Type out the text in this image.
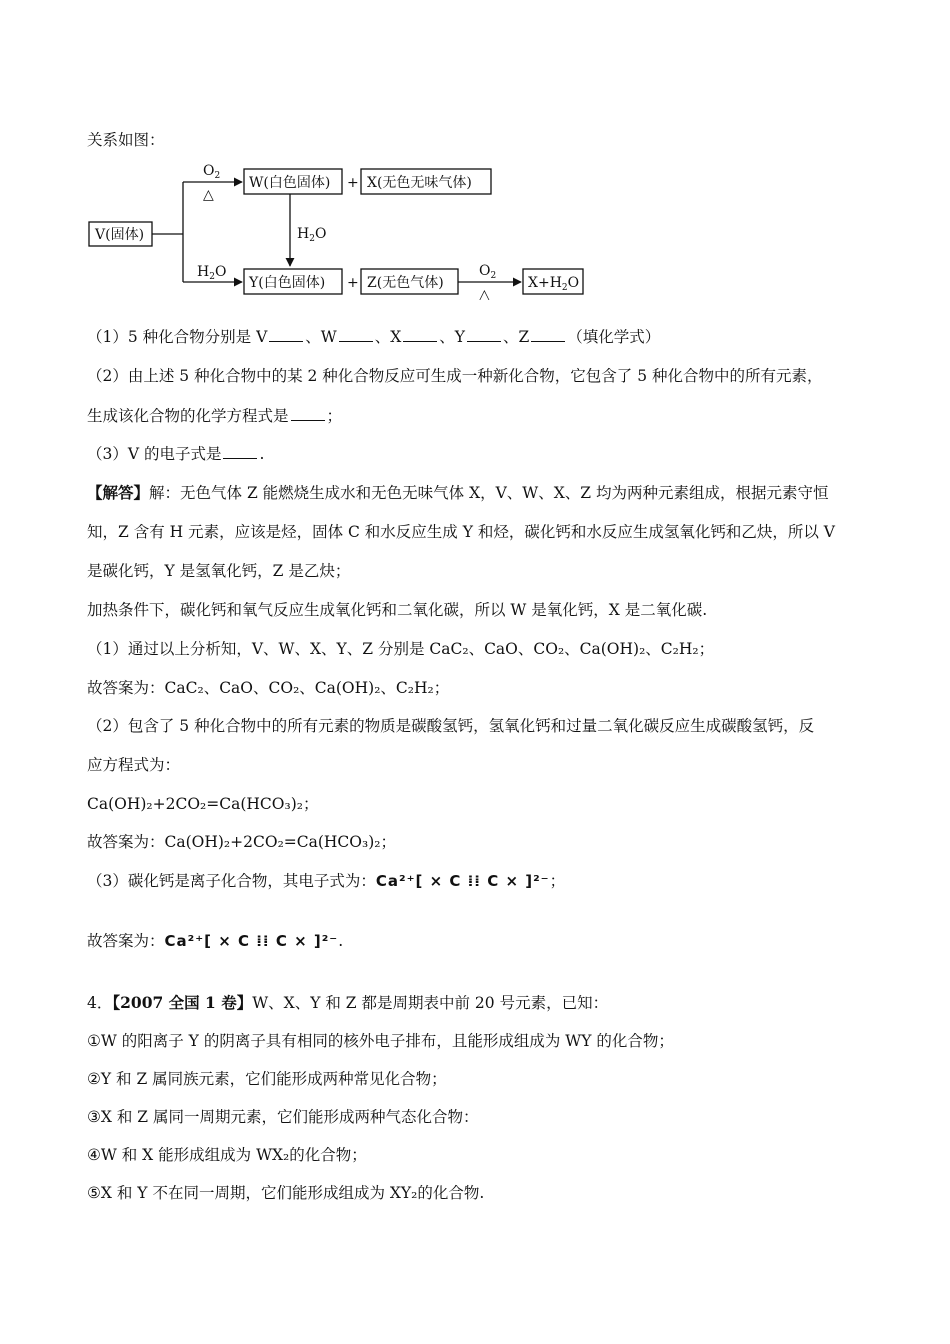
关系如图：
V(固体)
$O_2$
△
$H_2O$
W(白色固体) + X(无色无味气体)
$H_2O$
Y(白色固体) + Z(无色气体)
$O_2$
△
$X+H_2O$
（1）5 种化合物分别是 V 、W 、X 、Y 、Z （填化学式）
（2）由上述 5 种化合物中的某 2 种化合物反应可生成一种新化合物，它包含了 5 种化合物中的所有元素，
生成该化合物的化学方程式是 ；
（3）V 的电子式是 .
【解答】解：无色气体 Z 能燃烧生成水和无色无味气体 X，V、W、X、Z 均为两种元素组成，根据元素守恒
知，Z 含有 H 元素，应该是烃，固体 C 和水反应生成 Y 和烃，碳化钙和水反应生成氢氧化钙和乙炔，所以 V
是碳化钙，Y 是氢氧化钙，Z 是乙炔；
加热条件下，碳化钙和氧气反应生成氧化钙和二氧化碳，所以 W 是氧化钙，X 是二氧化碳.
（1）通过以上分析知，V、W、X、Y、Z 分别是 CaC₂、CaO、CO₂、Ca(OH)₂、C₂H₂；
故答案为：CaC₂、CaO、CO₂、Ca(OH)₂、C₂H₂；
（2）包含了 5 种化合物中的所有元素的物质是碳酸氢钙，氢氧化钙和过量二氧化碳反应生成碳酸氢钙，反
应方程式为：
Ca(OH)₂+2CO₂=Ca(HCO₃)₂；
故答案为：Ca(OH)₂+2CO₂=Ca(HCO₃)₂；
（3）碳化钙是离子化合物，其电子式为：Ca²⁺[ × C ⁞⁞ C × ]²⁻；
故答案为：Ca²⁺[ × C ⁞⁞ C × ]²⁻.
4．【2007 全国 1 卷】W、X、Y 和 Z 都是周期表中前 20 号元素，已知：
①W 的阳离子 Y 的阴离子具有相同的核外电子排布，且能形成组成为 WY 的化合物；
②Y 和 Z 属同族元素，它们能形成两种常见化合物；
③X 和 Z 属同一周期元素，它们能形成两种气态化合物：
④W 和 X 能形成组成为 WX₂的化合物；
⑤X 和 Y 不在同一周期，它们能形成组成为 XY₂的化合物.
